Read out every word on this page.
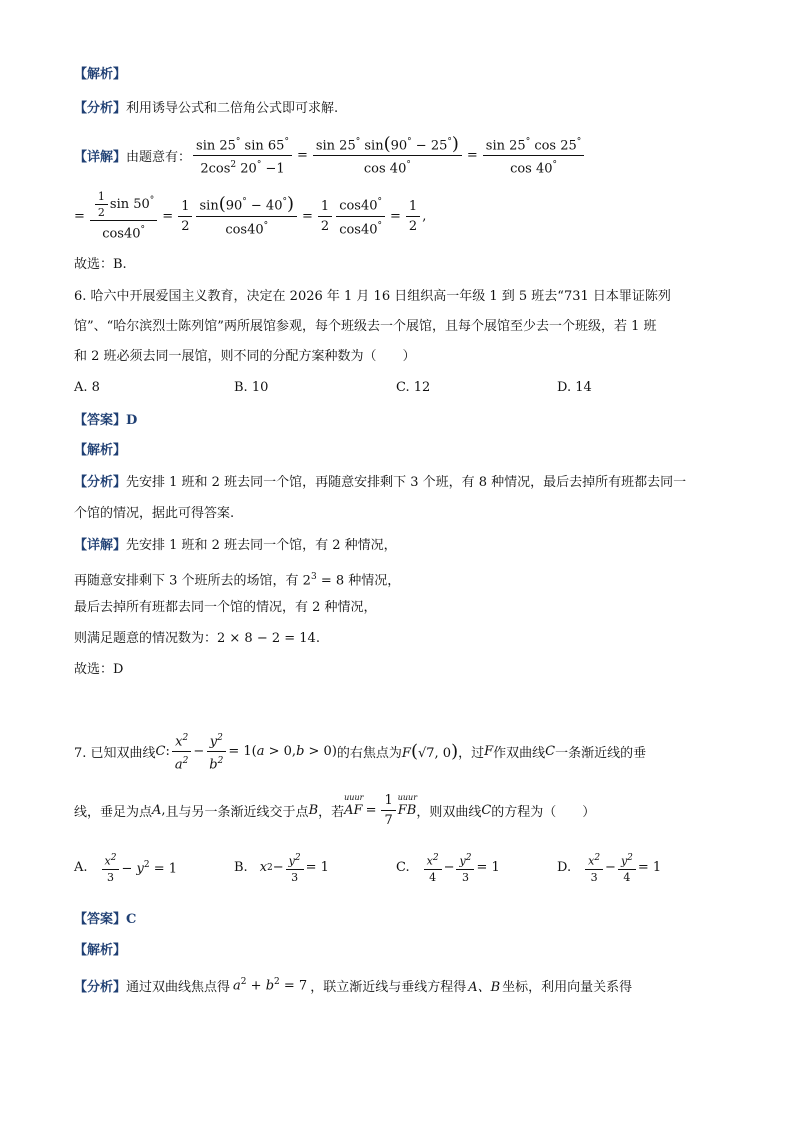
【解析】
【分析】利用诱导公式和二倍角公式即可求解.
【详解】 由题意有： $\frac{\sin 25^\circ \sin 65^\circ}{2\cos^2 20^\circ -1} = \frac{\sin 25^\circ \sin(90^\circ - 25^\circ)}{\cos 40^\circ} = \frac{\sin 25^\circ \cos 25^\circ}{\cos 40^\circ}$
= $\frac{\frac{1}{2} \sin 50^\circ}{\cos 40^\circ} = \frac{1}{2} \frac{\sin(90^\circ - 40^\circ)}{\cos 40^\circ} = \frac{1}{2} \frac{\cos 40^\circ}{\cos 40^\circ} = \frac{1}{2}$ ,
故选：B.
6. 哈六中开展爱国主义教育，决定在 2026 年 1 月 16 日组织高一年级 1 到 5 班去“731 日本罪证陈列
馆”、“哈尔滨烈士陈列馆”两所展馆参观，每个班级去一个展馆，且每个展馆至少去一个班级，若 1 班
和 2 班必须去同一展馆，则不同的分配方案种数为（　　）
A. 8	B. 10	C. 12	D. 14
【答案】D
【解析】
【分析】先安排 1 班和 2 班去同一个馆，再随意安排剩下 3 个班，有 8 种情况，最后去掉所有班都去同一
个馆的情况，据此可得答案.
【详解】先安排 1 班和 2 班去同一个馆，有 2 种情况，
再随意安排剩下 3 个班所去的场馆，有 $2^3 = 8$ 种情况，
最后去掉所有班都去同一个馆的情况，有 2 种情况，
则满足题意的情况数为：2 × 8 − 2 = 14.
故选：D
7. 已知双曲线 C : $\frac{x^2}{a^2} - \frac{y^2}{b^2} = 1(a > 0,b > 0)$ 的右焦点为 F(√7, 0) ，过 F 作双曲线 C 一条渐近线的垂
线，垂足为点 A , 且与另一条渐近线交于点 B ，若 AF
uuur
= $\frac{1}{7}$ FB
uuur
，则双曲线 C 的方程为（　　）
A. $\frac{x^2}{3} - y^2 = 1$	B. x $2 - \frac{y^2}{3} = 1$	C. $\frac{x^2}{4} - \frac{y^2}{3} = 1$	D. $\frac{x^2}{3} - \frac{y^2}{4} = 1$
【答案】C
【解析】
【分析】 通过双曲线焦点得 $a^2 + b^2 = 7$ ，联立渐近线与垂线方程得 A、B 坐标，利用向量关系得
